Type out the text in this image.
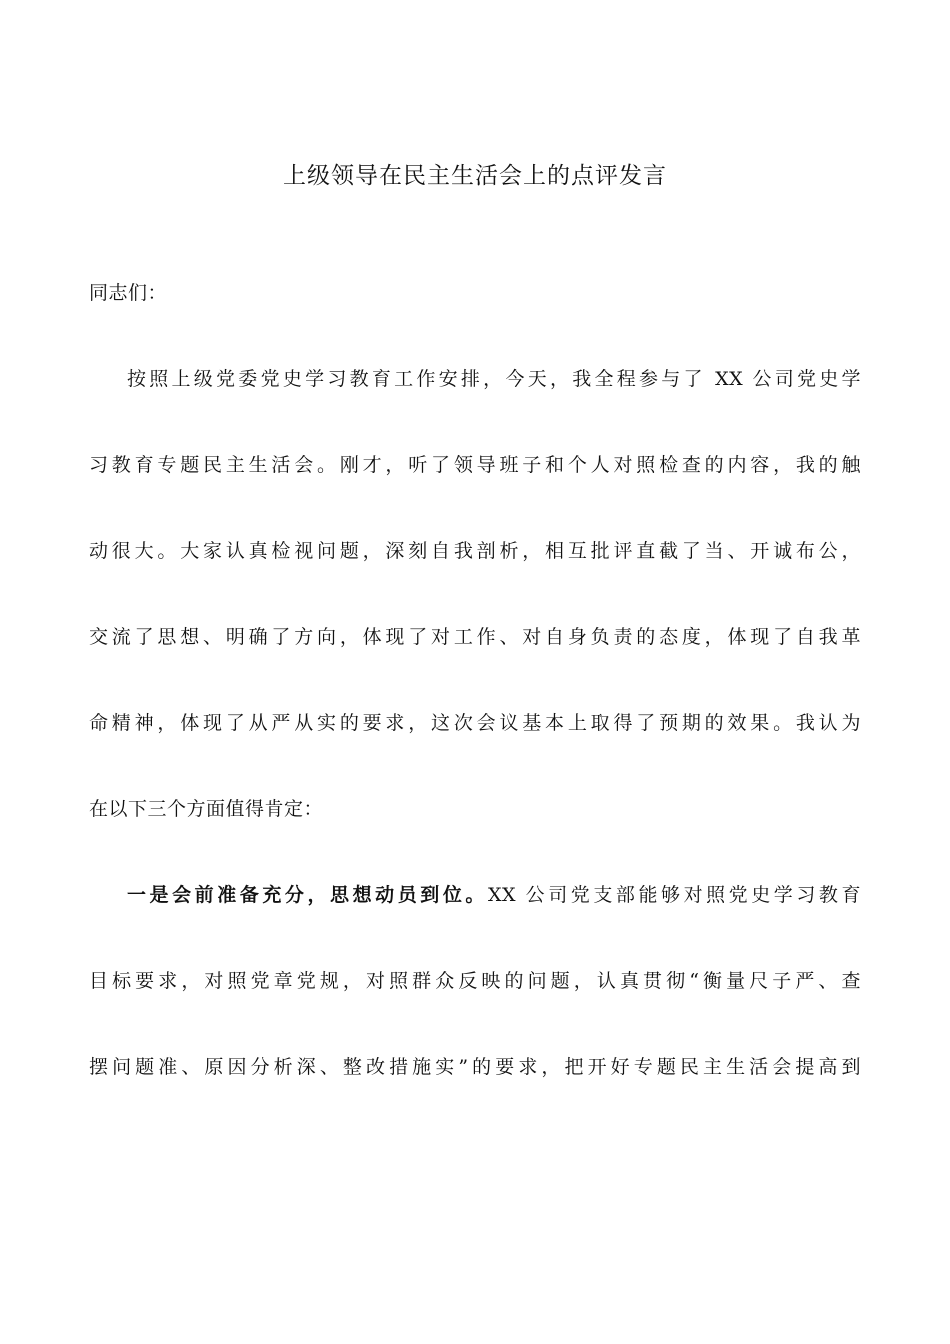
上级领导在民主生活会上的点评发言
同志们：
按照上级党委党史学习教育工作安排，今天，我全程参与了 XX 公司党史学
习教育专题民主生活会。刚才，听了领导班子和个人对照检查的内容，我的触
动很大。大家认真检视问题，深刻自我剖析，相互批评直截了当、开诚布公，
交流了思想、明确了方向，体现了对工作、对自身负责的态度，体现了自我革
命精神，体现了从严从实的要求，这次会议基本上取得了预期的效果。我认为
在以下三个方面值得肯定：
一是会前准备充分，思想动员到位。XX 公司党支部能够对照党史学习教育
目标要求，对照党章党规，对照群众反映的问题，认真贯彻“衡量尺子严、查
摆问题准、原因分析深、整改措施实”的要求，把开好专题民主生活会提高到
